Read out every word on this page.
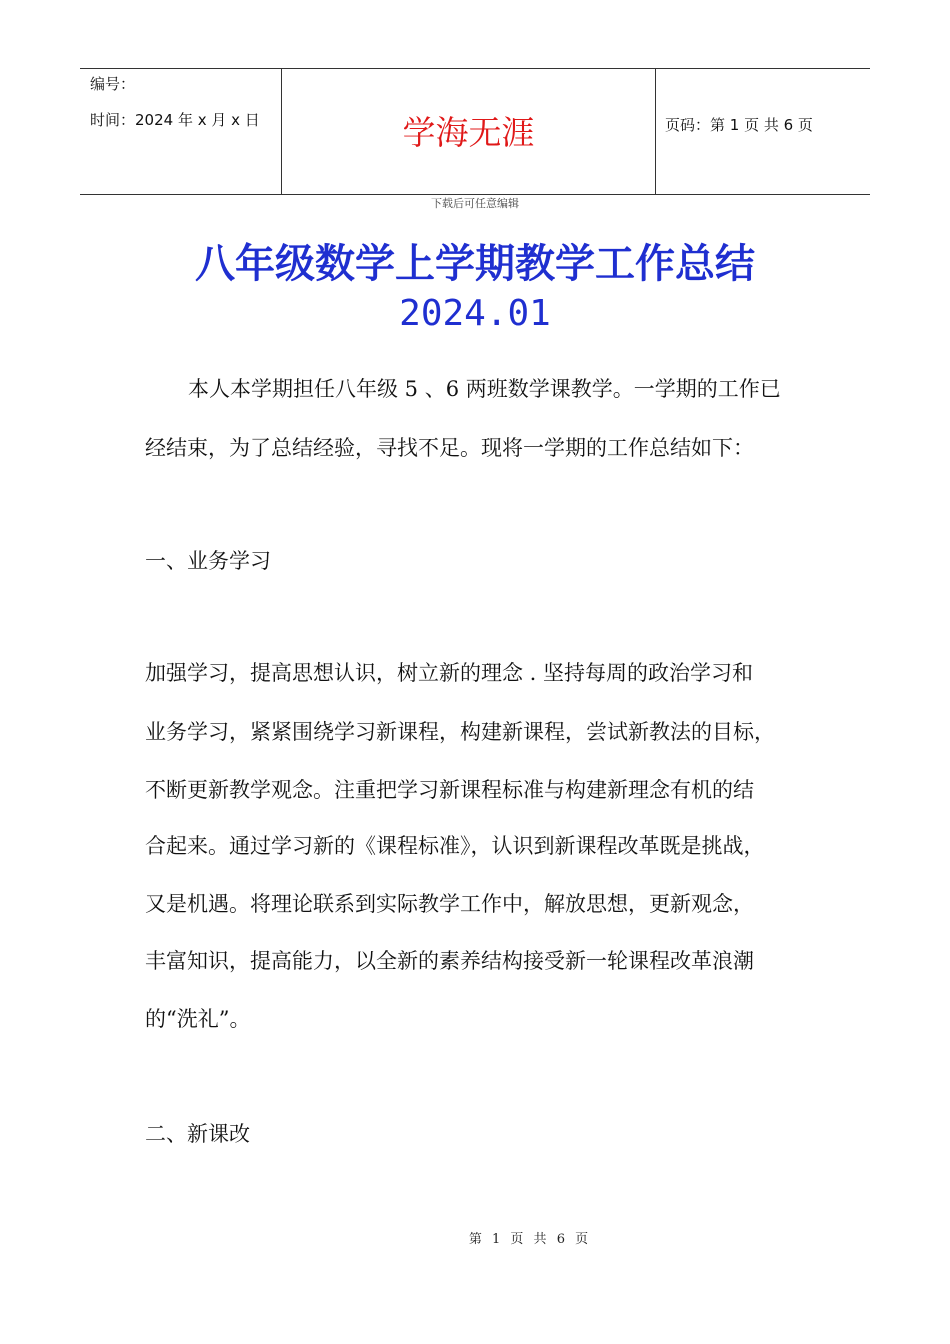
编号：
时间：2024 年 x 月 x 日	学海无涯	页码：第 1 页 共 6 页
下载后可任意编辑
八年级数学上学期教学工作总结
2024.01
本人本学期担任八年级 5 、6 两班数学课教学。一学期的工作已
经结束，为了总结经验，寻找不足。现将一学期的工作总结如下：
一、业务学习
加强学习，提高思想认识，树立新的理念 . 坚持每周的政治学习和
业务学习，紧紧围绕学习新课程，构建新课程，尝试新教法的目标，
不断更新教学观念。注重把学习新课程标准与构建新理念有机的结
合起来。通过学习新的《课程标准》，认识到新课程改革既是挑战，
又是机遇。将理论联系到实际教学工作中，解放思想，更新观念，
丰富知识，提高能力，以全新的素养结构接受新一轮课程改革浪潮
的“洗礼”。
二、新课改
第 1 页 共 6 页
